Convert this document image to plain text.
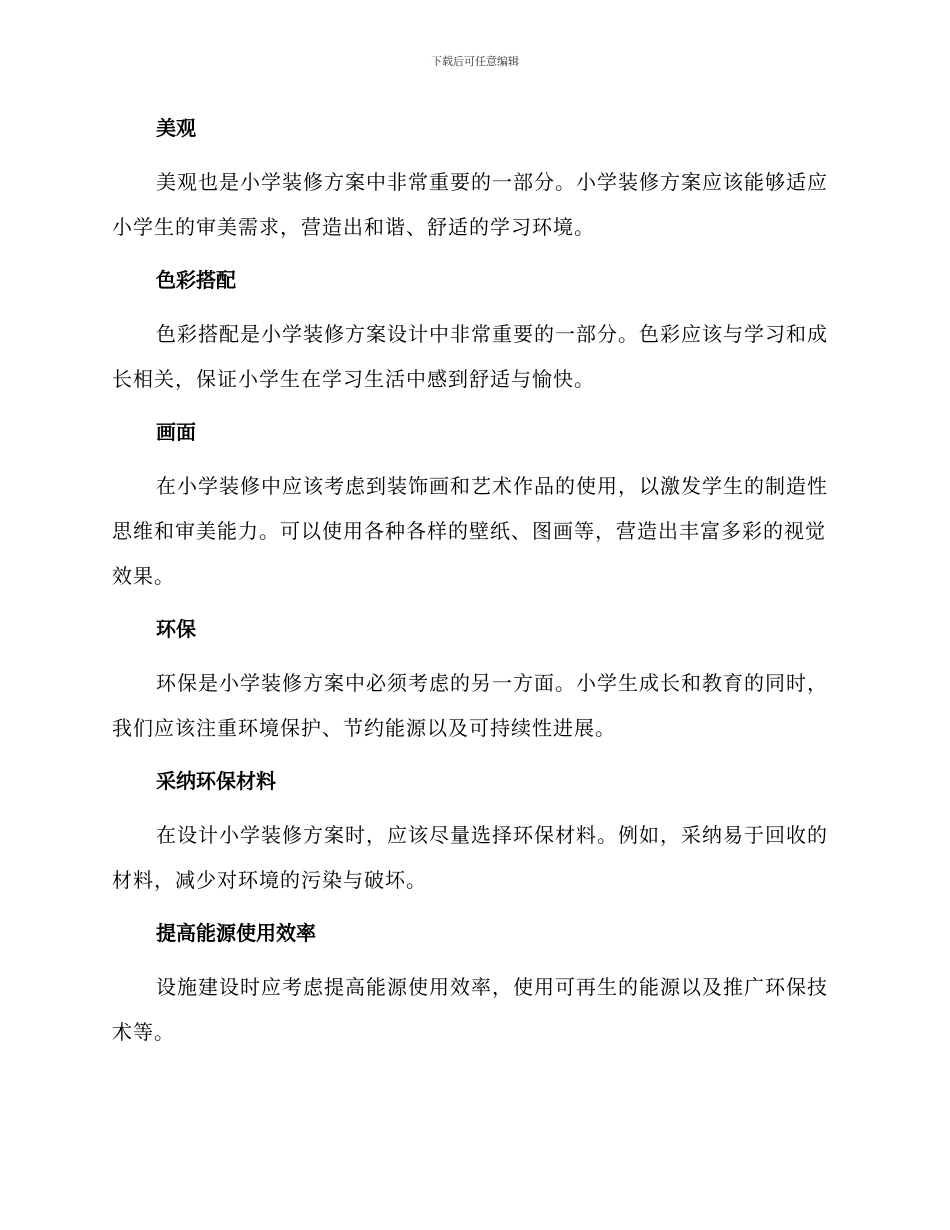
下载后可任意编辑
美观

美观也是小学装修方案中非常重要的一部分。小学装修方案应该能够适应小学生的审美需求，营造出和谐、舒适的学习环境。

色彩搭配

色彩搭配是小学装修方案设计中非常重要的一部分。色彩应该与学习和成长相关，保证小学生在学习生活中感到舒适与愉快。

画面

在小学装修中应该考虑到装饰画和艺术作品的使用，以激发学生的制造性思维和审美能力。可以使用各种各样的壁纸、图画等，营造出丰富多彩的视觉效果。

环保

环保是小学装修方案中必须考虑的另一方面。小学生成长和教育的同时，我们应该注重环境保护、节约能源以及可持续性进展。

采纳环保材料

在设计小学装修方案时，应该尽量选择环保材料。例如，采纳易于回收的材料，减少对环境的污染与破坏。

提高能源使用效率

设施建设时应考虑提高能源使用效率，使用可再生的能源以及推广环保技术等。
